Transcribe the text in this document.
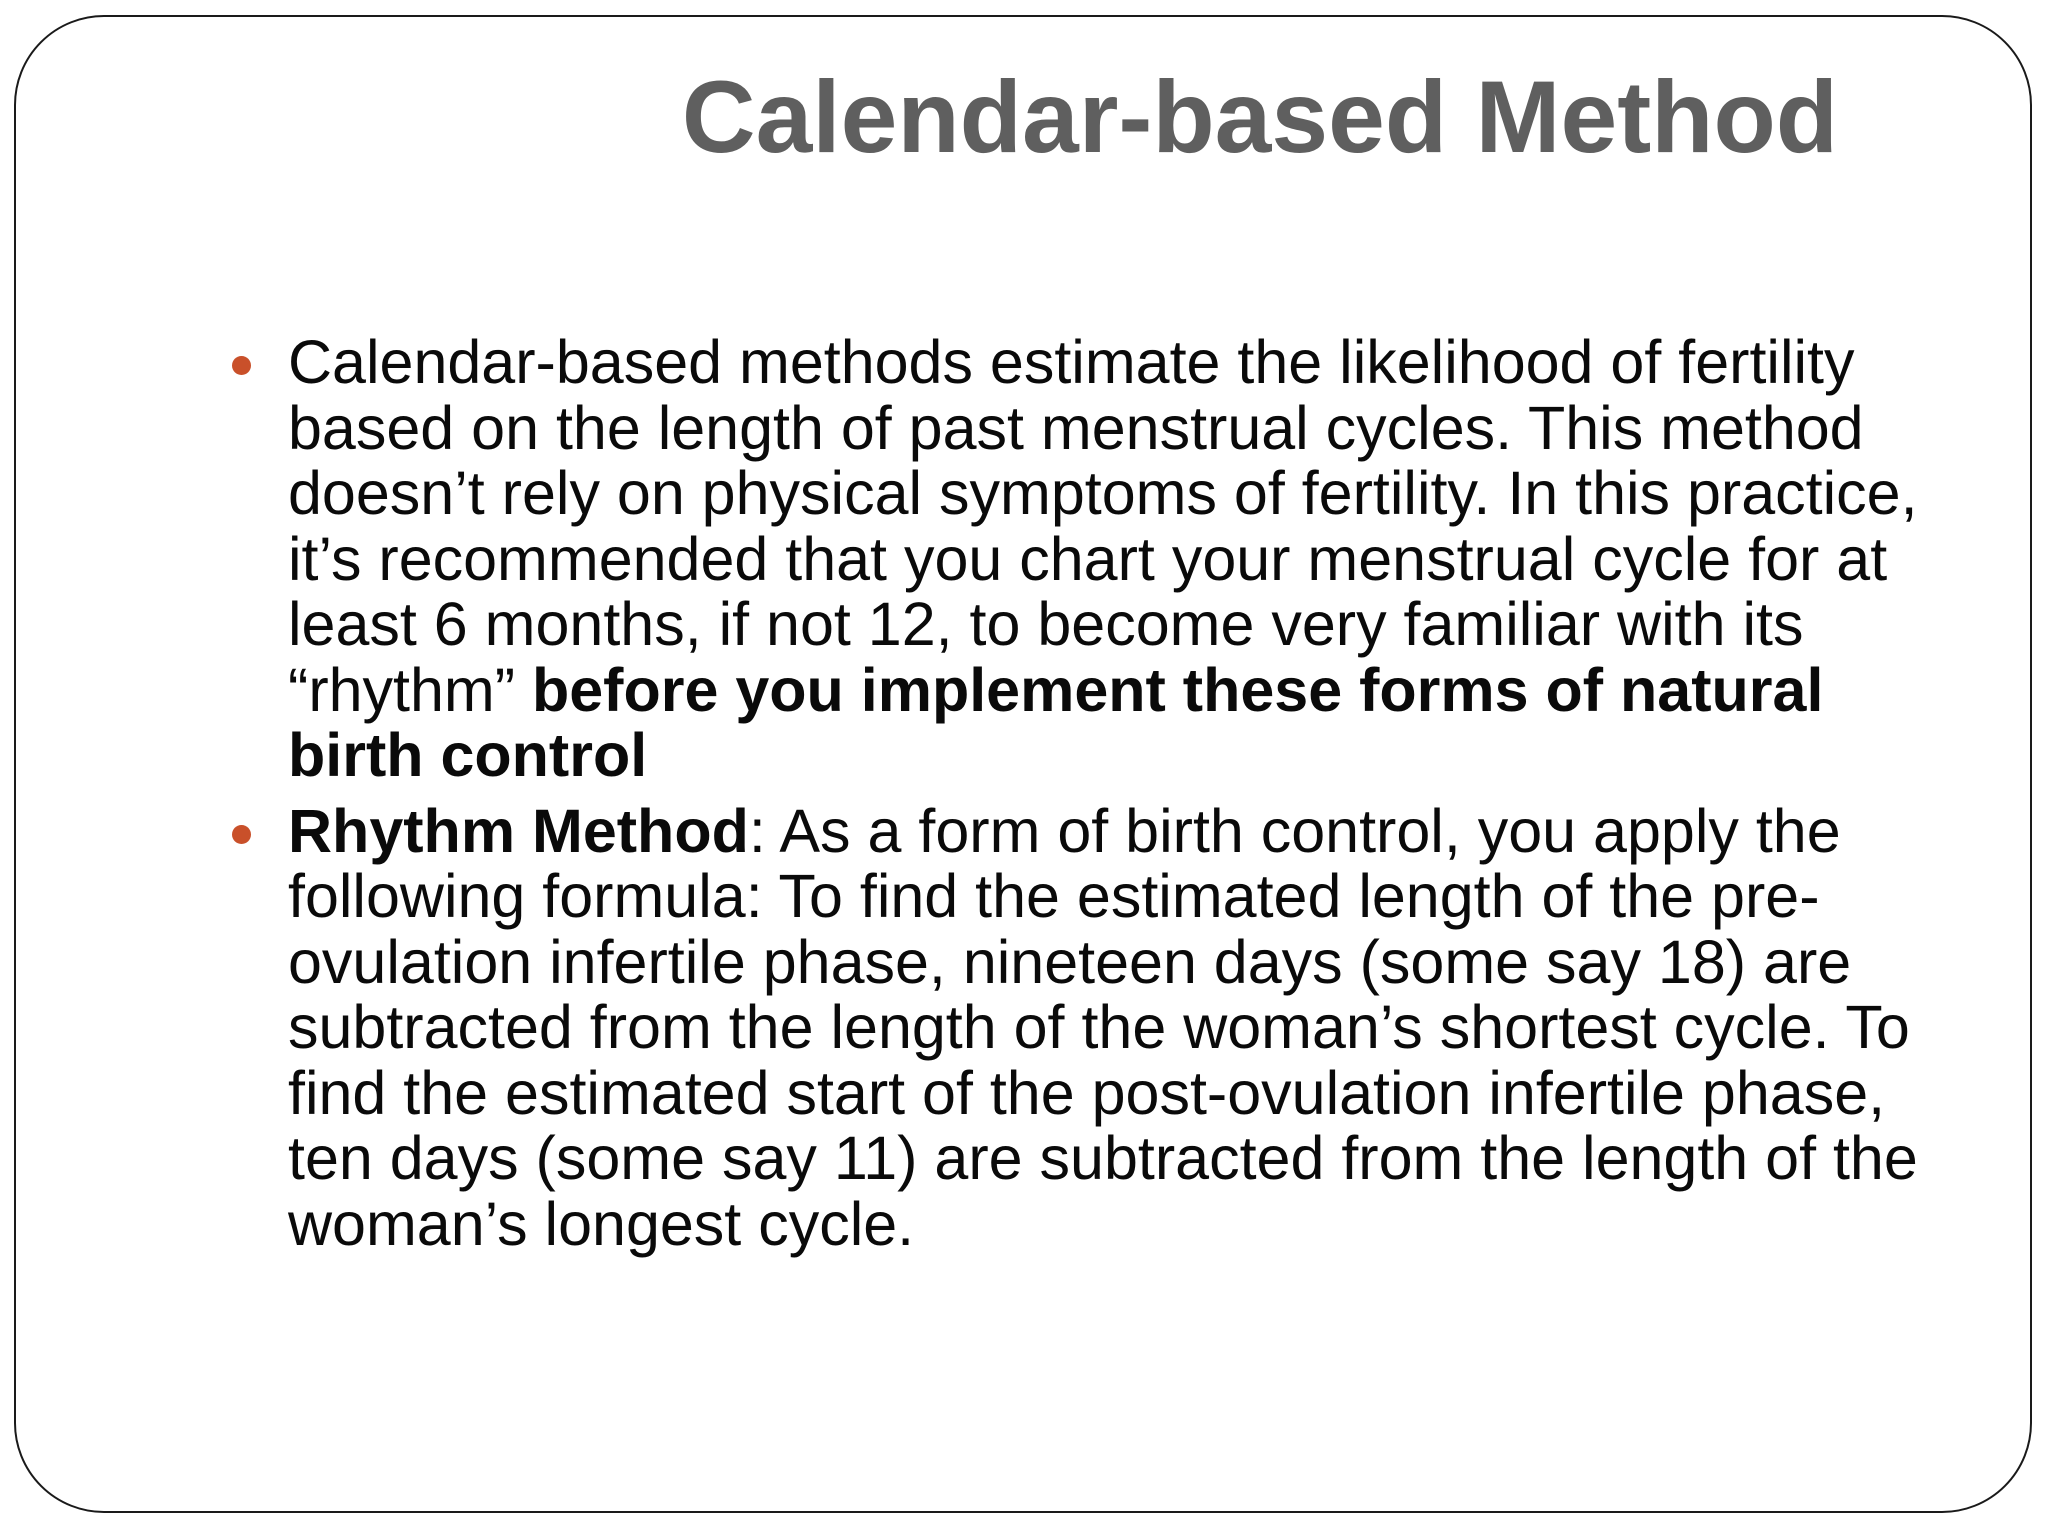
Calendar-based Method
Calendar-based methods estimate the likelihood of fertility based on the length of past menstrual cycles. This method doesn’t rely on physical symptoms of fertility. In this practice, it’s recommended that you chart your menstrual cycle for at least 6 months, if not 12, to become very familiar with its “rhythm” before you implement these forms of natural birth control
Rhythm Method: As a form of birth control, you apply the following formula: To find the estimated length of the pre-ovulation infertile phase, nineteen days (some say 18) are subtracted from the length of the woman’s shortest cycle. To find the estimated start of the post-ovulation infertile phase, ten days (some say 11) are subtracted from the length of the woman’s longest cycle.
